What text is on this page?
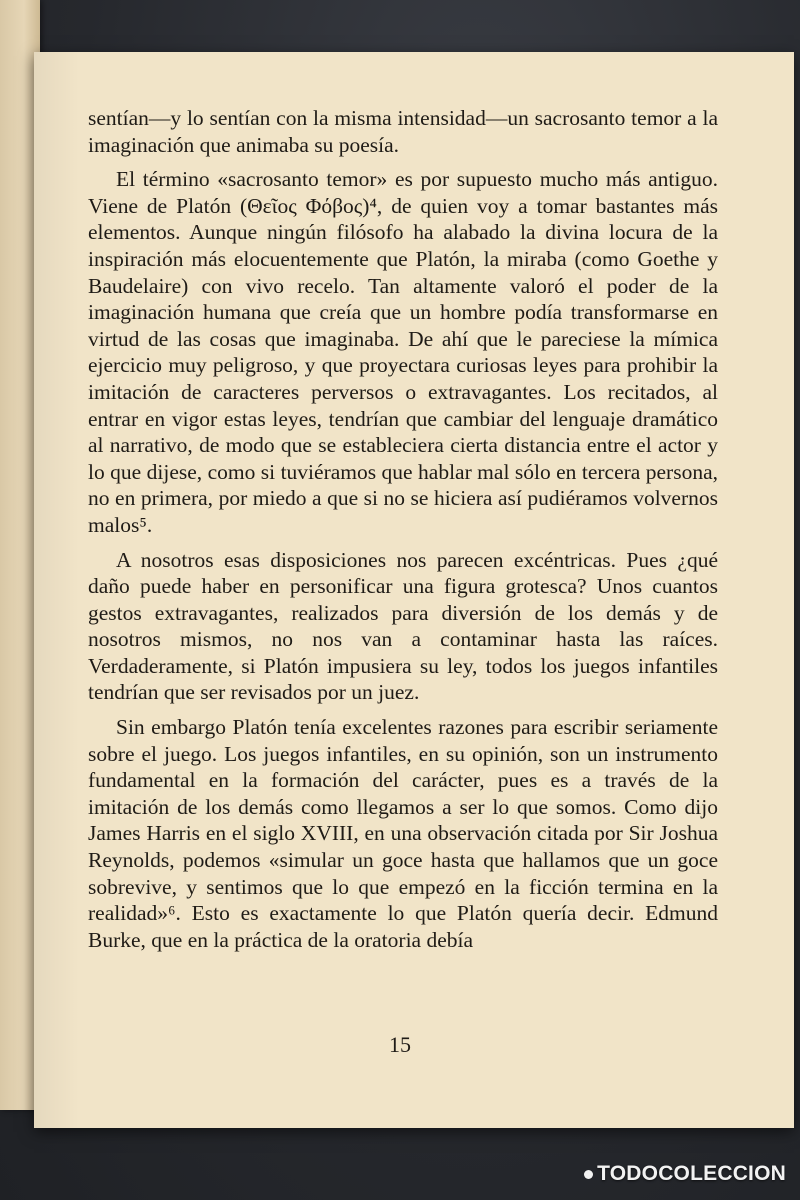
sentían—y lo sentían con la misma intensidad—un sacrosanto temor a la imaginación que animaba su poesía.

El término «sacrosanto temor» es por supuesto mucho más antiguo. Viene de Platón (Θεῖος Φόβος)⁴, de quien voy a tomar bastantes más elementos. Aunque ningún filósofo ha alabado la divina locura de la inspiración más elocuentemente que Platón, la miraba (como Goethe y Baudelaire) con vivo recelo. Tan altamente valoró el poder de la imaginación humana que creía que un hombre podía transformarse en virtud de las cosas que imaginaba. De ahí que le pareciese la mímica ejercicio muy peligroso, y que proyectara curiosas leyes para prohibir la imitación de caracteres perversos o extravagantes. Los recitados, al entrar en vigor estas leyes, tendrían que cambiar del lenguaje dramático al narrativo, de modo que se estableciera cierta distancia entre el actor y lo que dijese, como si tuviéramos que hablar mal sólo en tercera persona, no en primera, por miedo a que si no se hiciera así pudiéramos volvernos malos⁵.

A nosotros esas disposiciones nos parecen excéntricas. Pues ¿qué daño puede haber en personificar una figura grotesca? Unos cuantos gestos extravagantes, realizados para diversión de los demás y de nosotros mismos, no nos van a contaminar hasta las raíces. Verdaderamente, si Platón impusiera su ley, todos los juegos infantiles tendrían que ser revisados por un juez.

Sin embargo Platón tenía excelentes razones para escribir seriamente sobre el juego. Los juegos infantiles, en su opinión, son un instrumento fundamental en la formación del carácter, pues es a través de la imitación de los demás como llegamos a ser lo que somos. Como dijo James Harris en el siglo XVIII, en una observación citada por Sir Joshua Reynolds, podemos «simular un goce hasta que hallamos que un goce sobrevive, y sentimos que lo que empezó en la ficción termina en la realidad»⁶. Esto es exactamente lo que Platón quería decir. Edmund Burke, que en la práctica de la oratoria debía

15
TODOCOLECCION
